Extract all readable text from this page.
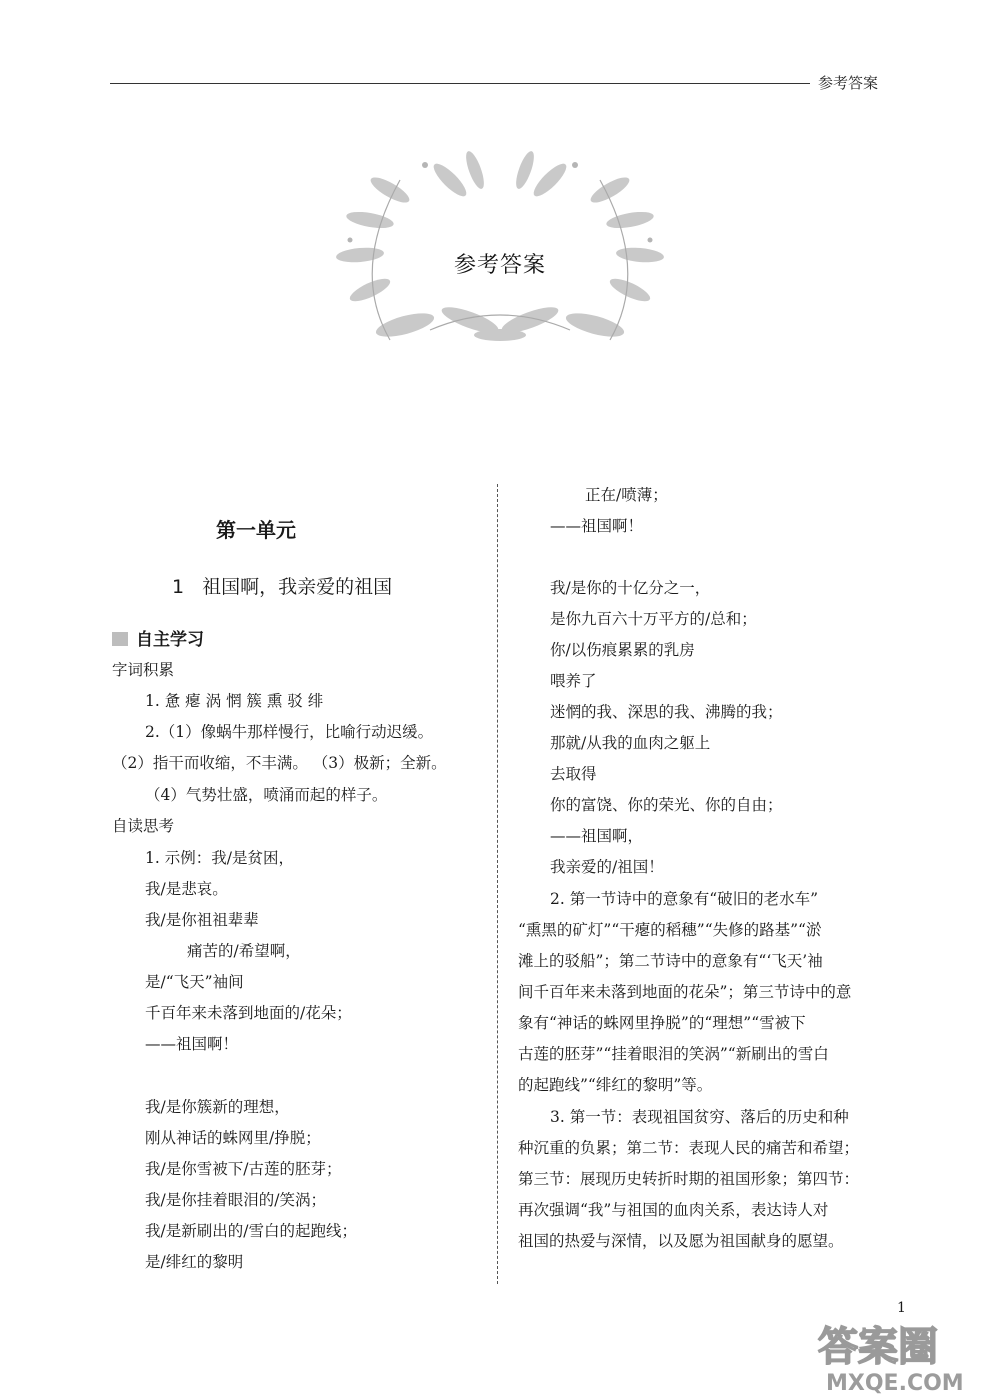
参考答案
参考答案
第一单元
1 祖国啊，我亲爱的祖国
自主学习
字词积累
1. 惫 瘪 涡 惘 簇 熏 驳 绯
2.（1）像蜗牛那样慢行，比喻行动迟缓。
（2）指干而收缩，不丰满。 （3）极新；全新。
（4）气势壮盛，喷涌而起的样子。
自读思考
1. 示例：我/是贫困，
我/是悲哀。
我/是你祖祖辈辈
痛苦的/希望啊，
是/“飞天”袖间
千百年来未落到地面的/花朵；
——祖国啊！
我/是你簇新的理想，
刚从神话的蛛网里/挣脱；
我/是你雪被下/古莲的胚芽；
我/是你挂着眼泪的/笑涡；
我/是新刷出的/雪白的起跑线；
是/绯红的黎明
正在/喷薄；
——祖国啊！
我/是你的十亿分之一，
是你九百六十万平方的/总和；
你/以伤痕累累的乳房
喂养了
迷惘的我、深思的我、沸腾的我；
那就/从我的血肉之躯上
去取得
你的富饶、你的荣光、你的自由；
——祖国啊，
我亲爱的/祖国！
2. 第一节诗中的意象有“破旧的老水车”
“熏黑的矿灯”“干瘪的稻穗”“失修的路基”“淤
滩上的驳船”；第二节诗中的意象有“‘飞天’袖
间千百年来未落到地面的花朵”；第三节诗中的意
象有“神话的蛛网里挣脱”的“理想”“雪被下
古莲的胚芽”“挂着眼泪的笑涡”“新刷出的雪白
的起跑线”“绯红的黎明”等。
3. 第一节：表现祖国贫穷、落后的历史和种
种沉重的负累；第二节：表现人民的痛苦和希望；
第三节：展现历史转折时期的祖国形象；第四节：
再次强调“我”与祖国的血肉关系，表达诗人对
祖国的热爱与深情，以及愿为祖国献身的愿望。
1
答案圈
MXQE.COM
